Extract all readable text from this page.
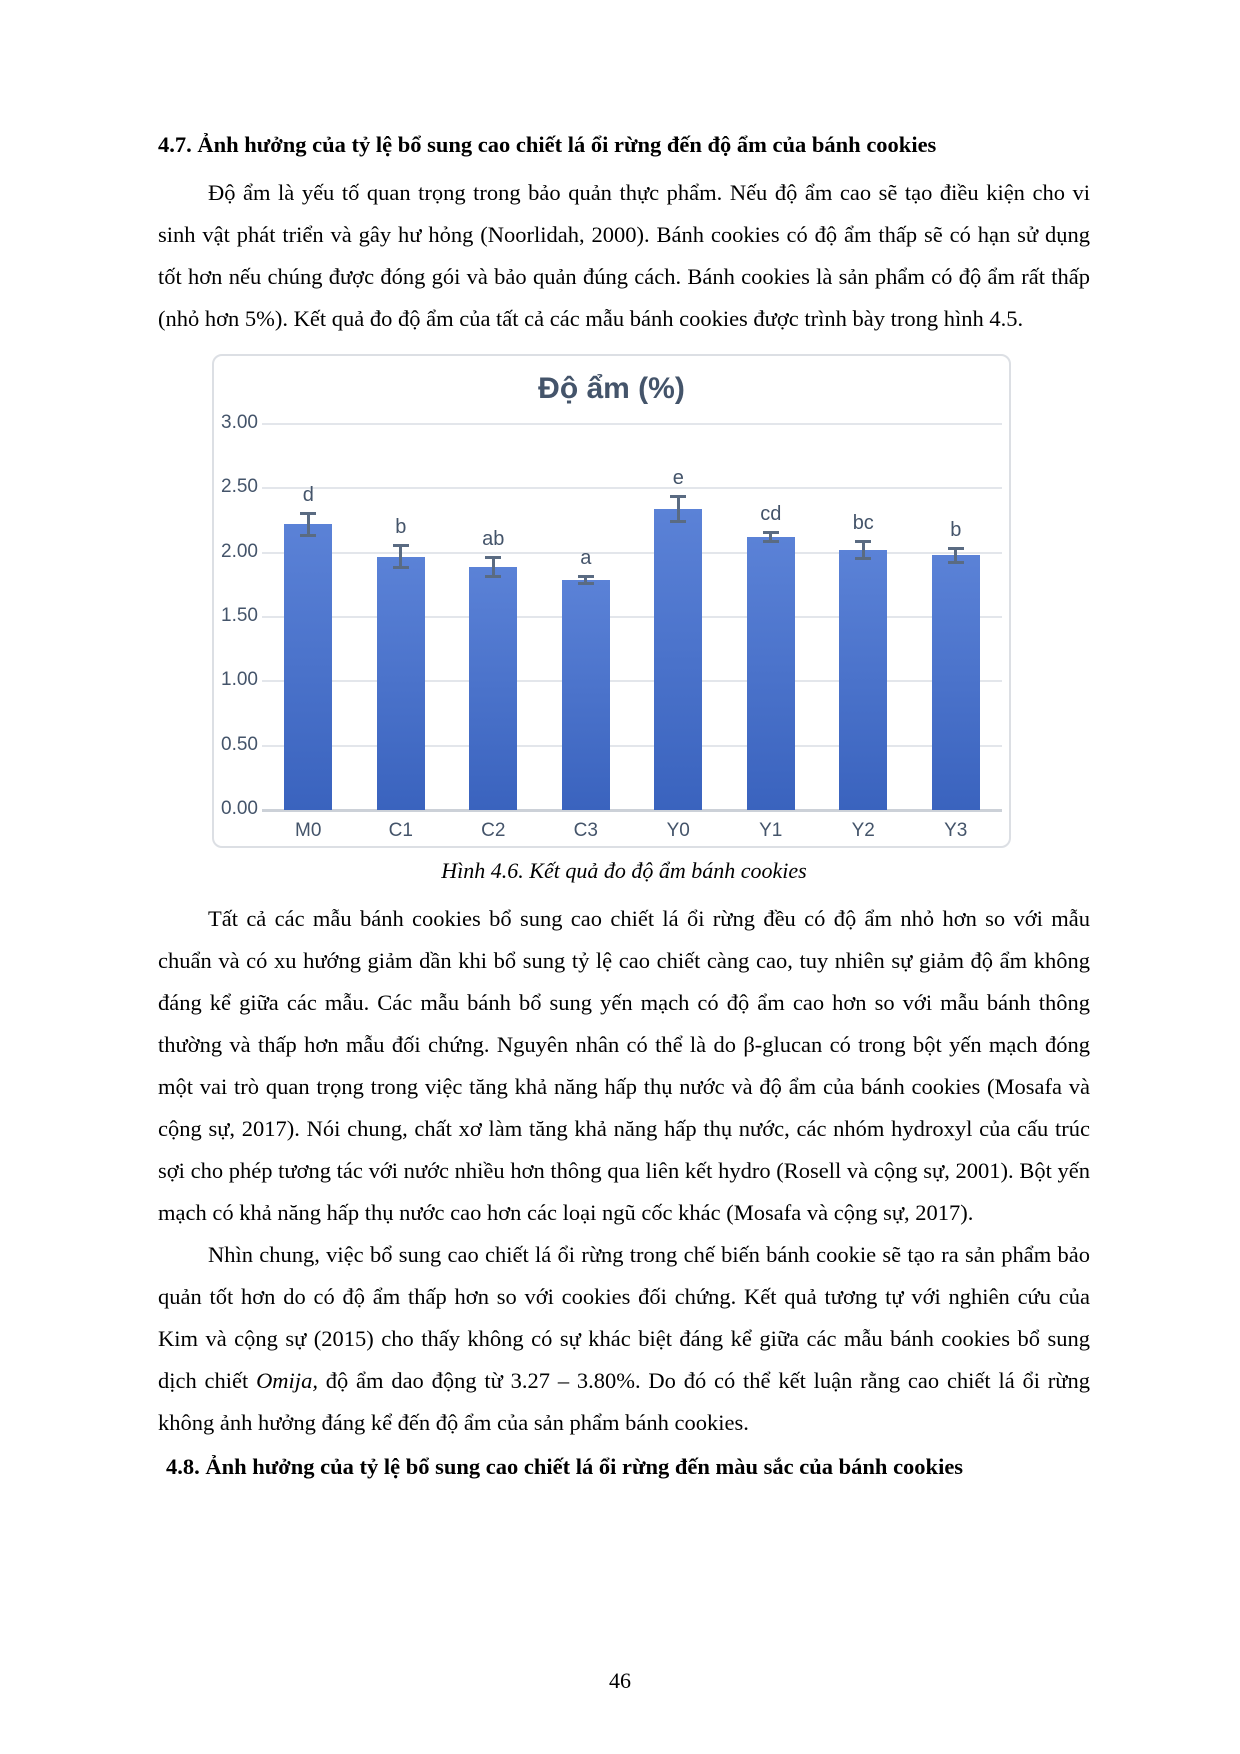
4.7. Ảnh hưởng của tỷ lệ bổ sung cao chiết lá ổi rừng đến độ ẩm của bánh cookies

Độ ẩm là yếu tố quan trọng trong bảo quản thực phẩm. Nếu độ ẩm cao sẽ tạo điều kiện cho vi sinh vật phát triển và gây hư hỏng (Noorlidah, 2000). Bánh cookies có độ ẩm thấp sẽ có hạn sử dụng tốt hơn nếu chúng được đóng gói và bảo quản đúng cách. Bánh cookies là sản phẩm có độ ẩm rất thấp (nhỏ hơn 5%). Kết quả đo độ ẩm của tất cả các mẫu bánh cookies được trình bày trong hình 4.5.

Độ ẩm (%)
0.00
0.50
1.00
1.50
2.00
2.50
3.00
d
M0
b
C1
ab
C2
a
C3
e
Y0
cd
Y1
bc
Y2
b
Y3
Hình 4.6. Kết quả đo độ ẩm bánh cookies

Tất cả các mẫu bánh cookies bổ sung cao chiết lá ổi rừng đều có độ ẩm nhỏ hơn so với mẫu chuẩn và có xu hướng giảm dần khi bổ sung tỷ lệ cao chiết càng cao, tuy nhiên sự giảm độ ẩm không đáng kể giữa các mẫu. Các mẫu bánh bổ sung yến mạch có độ ẩm cao hơn so với mẫu bánh thông thường và thấp hơn mẫu đối chứng. Nguyên nhân có thể là do β-glucan có trong bột yến mạch đóng một vai trò quan trọng trong việc tăng khả năng hấp thụ nước và độ ẩm của bánh cookies (Mosafa và cộng sự, 2017). Nói chung, chất xơ làm tăng khả năng hấp thụ nước, các nhóm hydroxyl của cấu trúc sợi cho phép tương tác với nước nhiều hơn thông qua liên kết hydro (Rosell và cộng sự, 2001). Bột yến mạch có khả năng hấp thụ nước cao hơn các loại ngũ cốc khác (Mosafa và cộng sự, 2017).

Nhìn chung, việc bổ sung cao chiết lá ổi rừng trong chế biến bánh cookie sẽ tạo ra sản phẩm bảo quản tốt hơn do có độ ẩm thấp hơn so với cookies đối chứng. Kết quả tương tự với nghiên cứu của Kim và cộng sự (2015) cho thấy không có sự khác biệt đáng kể giữa các mẫu bánh cookies bổ sung dịch chiết Omija, độ ẩm dao động từ 3.27 – 3.80%. Do đó có thể kết luận rằng cao chiết lá ổi rừng không ảnh hưởng đáng kể đến độ ẩm của sản phẩm bánh cookies.

4.8. Ảnh hưởng của tỷ lệ bổ sung cao chiết lá ổi rừng đến màu sắc của bánh cookies
46
